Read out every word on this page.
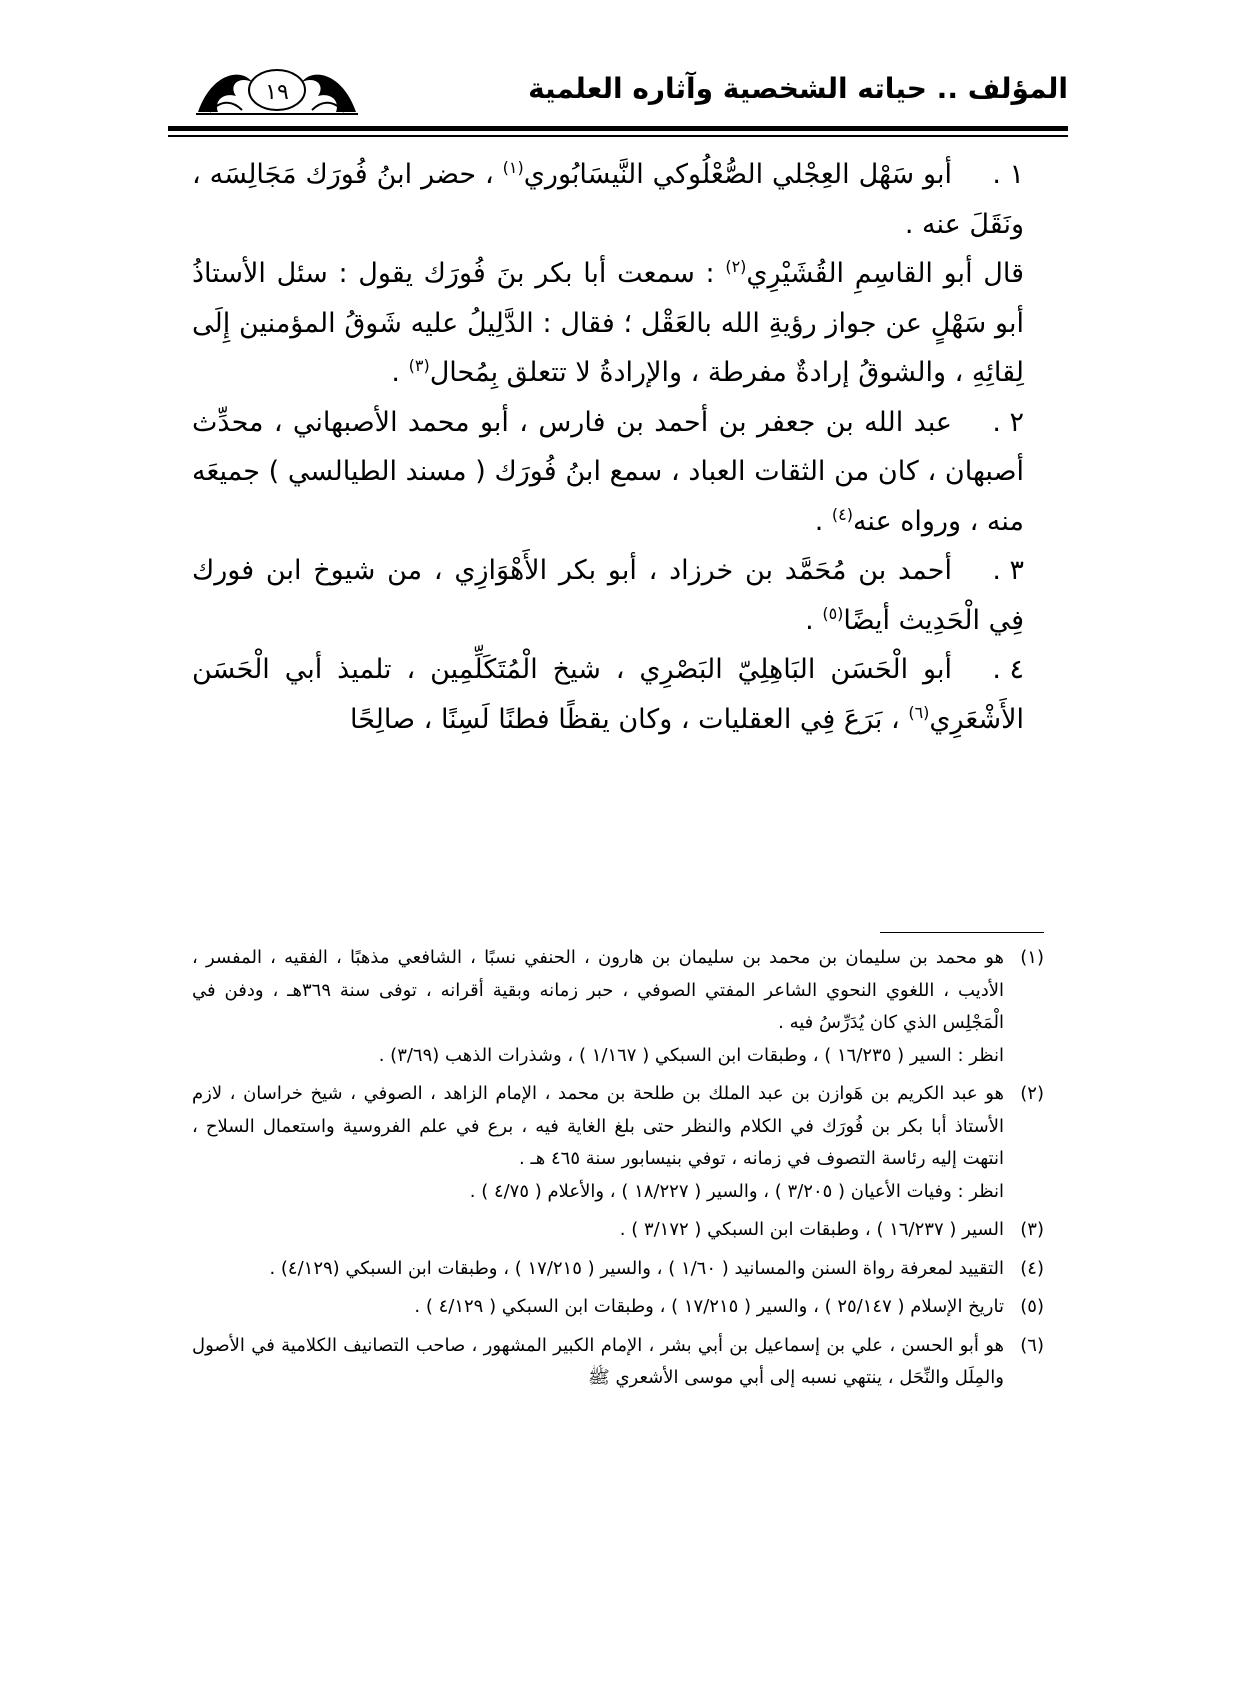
المؤلف .. حياته الشخصية وآثاره العلمية
١٩

١ .أبو سَهْل العِجْلي الصُّعْلُوكي النَّيسَابُوري$^{(١)}$ ، حضر ابنُ فُورَك مَجَالِسَه ، ونَقَلَ عنه .

قال أبو القاسِمِ القُشَيْرِي$^{(٢)}$ : سمعت أبا بكر بنَ فُورَك يقول : سئل الأستاذُ أبو سَهْلٍ عن جواز رؤيةِ الله بالعَقْل ؛ فقال : الدَّلِيلُ عليه شَوقُ المؤمنين إِلَى لِقائِهِ ، والشوقُ إرادةٌ مفرطة ، والإرادةُ لا تتعلق بِمُحال$^{(٣)}$ .

٢ .عبد الله بن جعفر بن أحمد بن فارس ، أبو محمد الأصبهاني ، محدِّث أصبهان ، كان من الثقات العباد ، سمع ابنُ فُورَك ( مسند الطيالسي ) جميعَه منه ، ورواه عنه$^{(٤)}$ .

٣ .أحمد بن مُحَمَّد بن خرزاد ، أبو بكر الأَهْوَازِي ، من شيوخ ابن فورك فِي الْحَدِيث أيضًا$^{(٥)}$ .

٤ .أبو الْحَسَن البَاهِلِيّ البَصْرِي ، شيخ الْمُتَكَلِّمِين ، تلميذ أبي الْحَسَن الأَشْعَرِي$^{(٦)}$ ، بَرَعَ فِي العقليات ، وكان يقظًا فطنًا لَسِنًا ، صالِحًا

(١)

هو محمد بن سليمان بن محمد بن سليمان بن هارون ، الحنفي نسبًا ، الشافعي مذهبًا ، الفقيه ، المفسر ، الأديب ، اللغوي النحوي الشاعر المفتي الصوفي ، حبر زمانه وبقية أقرانه ، توفى سنة ٣٦٩هـ ، ودفن في الْمَجْلِس الذي كان يُدَرِّسُ فيه .

انظر : السير ( ١٦/٢٣٥ ) ، وطبقات ابن السبكي ( ١/١٦٧ ) ، وشذرات الذهب (٣/٦٩) .

(٢)

هو عبد الكريم بن هَوازن بن عبد الملك بن طلحة بن محمد ، الإمام الزاهد ، الصوفي ، شيخ خراسان ، لازم الأستاذ أبا بكر بن فُورَك في الكلام والنظر حتى بلغ الغاية فيه ، برع في علم الفروسية واستعمال السلاح ، انتهت إليه رئاسة التصوف في زمانه ، توفي بنيسابور سنة ٤٦٥ هـ .

انظر : وفيات الأعيان ( ٣/٢٠٥ ) ، والسير ( ١٨/٢٢٧ ) ، والأعلام ( ٤/٧٥ ) .

(٣)

السير ( ١٦/٢٣٧ ) ، وطبقات ابن السبكي ( ٣/١٧٢ ) .

(٤)

التقييد لمعرفة رواة السنن والمسانيد ( ١/٦٠ ) ، والسير ( ١٧/٢١٥ ) ، وطبقات ابن السبكي (٤/١٢٩) .

(٥)

تاريخ الإسلام ( ٢٥/١٤٧ ) ، والسير ( ١٧/٢١٥ ) ، وطبقات ابن السبكي ( ٤/١٢٩ ) .

(٦)

هو أبو الحسن ، علي بن إسماعيل بن أبي بشر ، الإمام الكبير المشهور ، صاحب التصانيف الكلامية في الأصول والمِلَل والنِّحَل ، ينتهي نسبه إلى أبي موسى الأشعري ﷺ
